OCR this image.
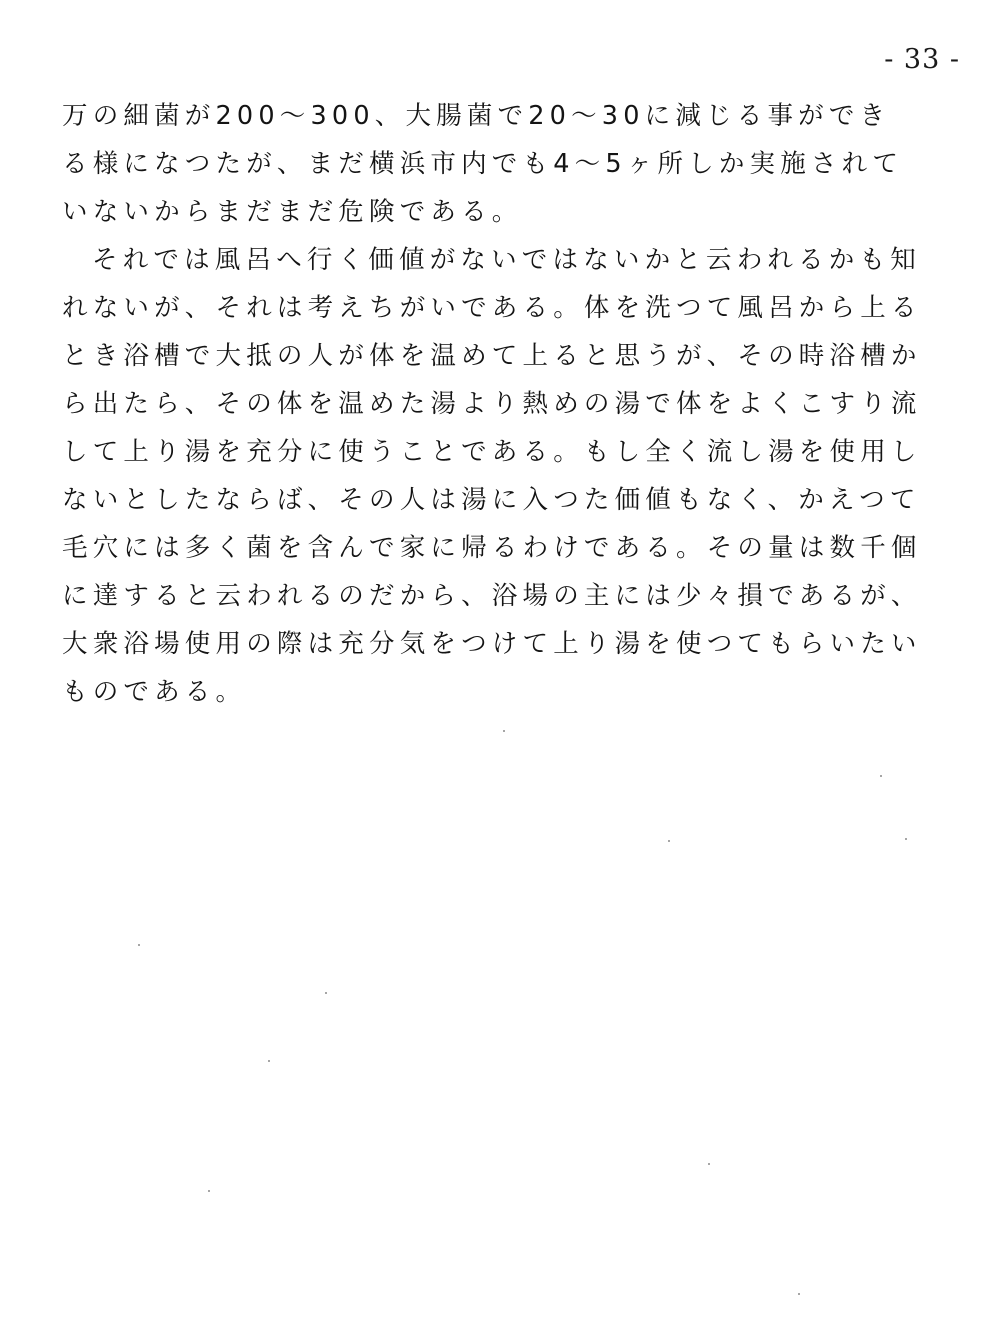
- 33 -
万の細菌が200～300、大腸菌で20～30に減じる事ができ
る様になつたが、まだ横浜市内でも4～5ヶ所しか実施されて
いないからまだまだ危険である。
それでは風呂へ行く価値がないではないかと云われるかも知
れないが、それは考えちがいである。体を洗つて風呂から上る
とき浴槽で大抵の人が体を温めて上ると思うが、その時浴槽か
ら出たら、その体を温めた湯より熱めの湯で体をよくこすり流
して上り湯を充分に使うことである。もし全く流し湯を使用し
ないとしたならば、その人は湯に入つた価値もなく、かえつて
毛穴には多く菌を含んで家に帰るわけである。その量は数千個
に達すると云われるのだから、浴場の主には少々損であるが、
大衆浴場使用の際は充分気をつけて上り湯を使つてもらいたい
ものである。
